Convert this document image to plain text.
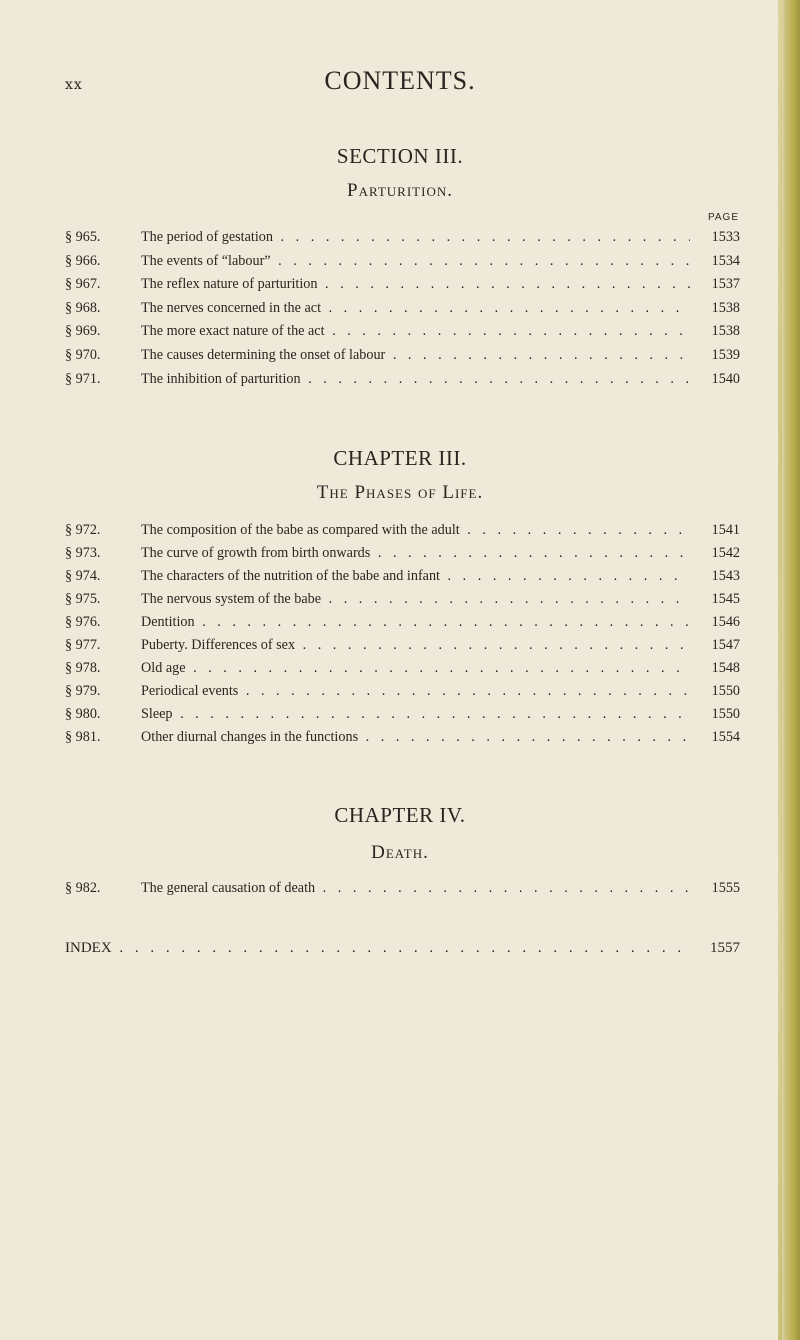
xx	CONTENTS.
SECTION III.
Parturition.
PAGE
§ 965.	The period of gestation . . .	1533
§ 966.	The events of “labour” . . .	1534
§ 967.	The reflex nature of parturition . . .	1537
§ 968.	The nerves concerned in the act . . .	1538
§ 969.	The more exact nature of the act . . .	1538
§ 970.	The causes determining the onset of labour . . .	1539
§ 971.	The inhibition of parturition . . .	1540
CHAPTER III.
The Phases of Life.
§ 972.	The composition of the babe as compared with the adult . . .	1541
§ 973.	The curve of growth from birth onwards . . .	1542
§ 974.	The characters of the nutrition of the babe and infant . . .	1543
§ 975.	The nervous system of the babe . . .	1545
§ 976.	Dentition . . .	1546
§ 977.	Puberty. Differences of sex . . .	1547
§ 978.	Old age . . .	1548
§ 979.	Periodical events . . .	1550
§ 980.	Sleep . . .	1550
§ 981.	Other diurnal changes in the functions . . .	1554
CHAPTER IV.
Death.
§ 982.	The general causation of death . . .	1555
INDEX . . .	1557
